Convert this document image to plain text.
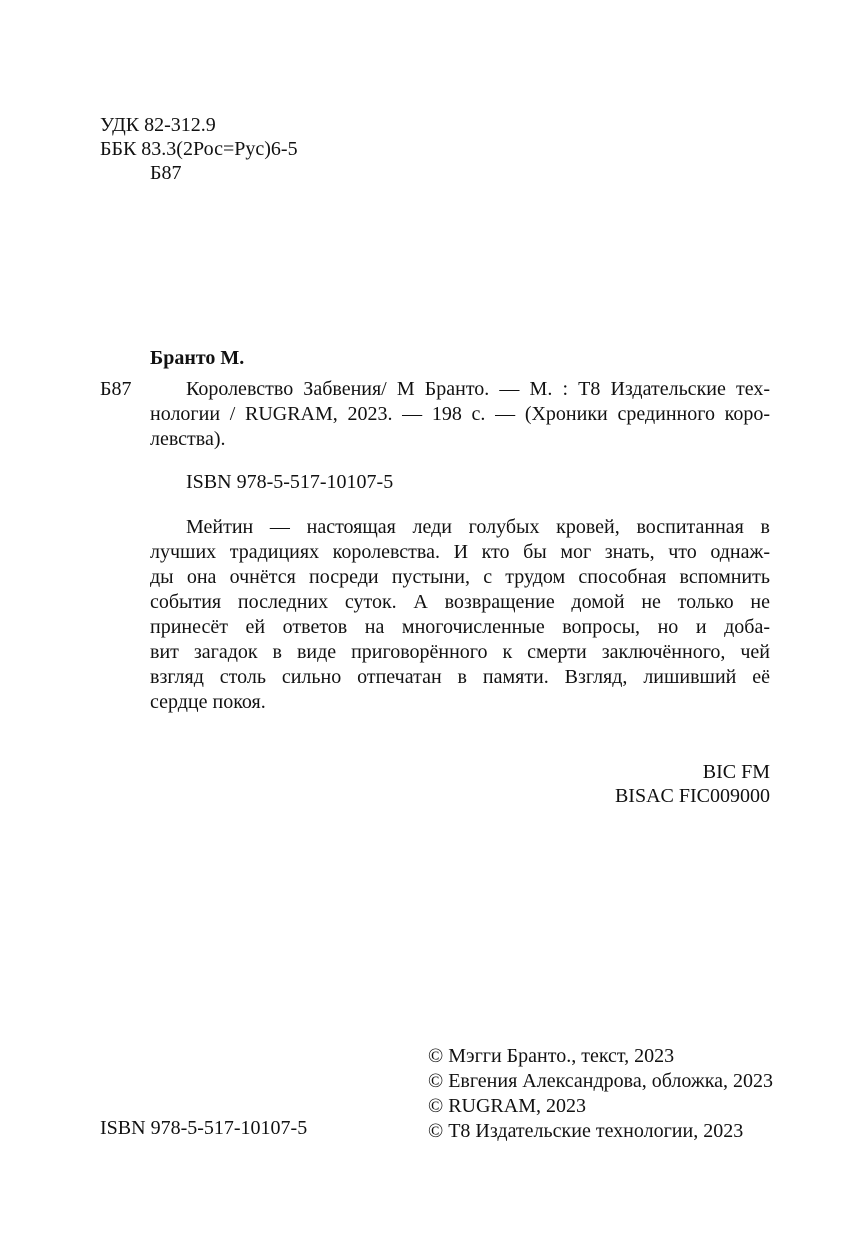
УДК 82-312.9
ББК 83.3(2Рос=Рус)6-5
Б87
Бранто М.
Б87	Королевство Забвения/ М Бранто. — М. : Т8 Издательские тех-
нологии / RUGRAM, 2023. — 198 с. — (Хроники срединного коро-
левства).
ISBN 978-5-517-10107-5
Мейтин — настоящая леди голубых кровей, воспитанная в
лучших традициях королевства. И кто бы мог знать, что однаж-
ды она очнётся посреди пустыни, с трудом способная вспомнить
события последних суток. А возвращение домой не только не
принесёт ей ответов на многочисленные вопросы, но и доба-
вит загадок в виде приговорённого к смерти заключённого, чей
взгляд столь сильно отпечатан в памяти. Взгляд, лишивший её
сердце покоя.
BIC FM
BISAC FIC009000
© Мэгги Бранто., текст, 2023
© Евгения Александрова, обложка, 2023
© RUGRAM, 2023
© Т8 Издательские технологии, 2023
ISBN 978-5-517-10107-5
